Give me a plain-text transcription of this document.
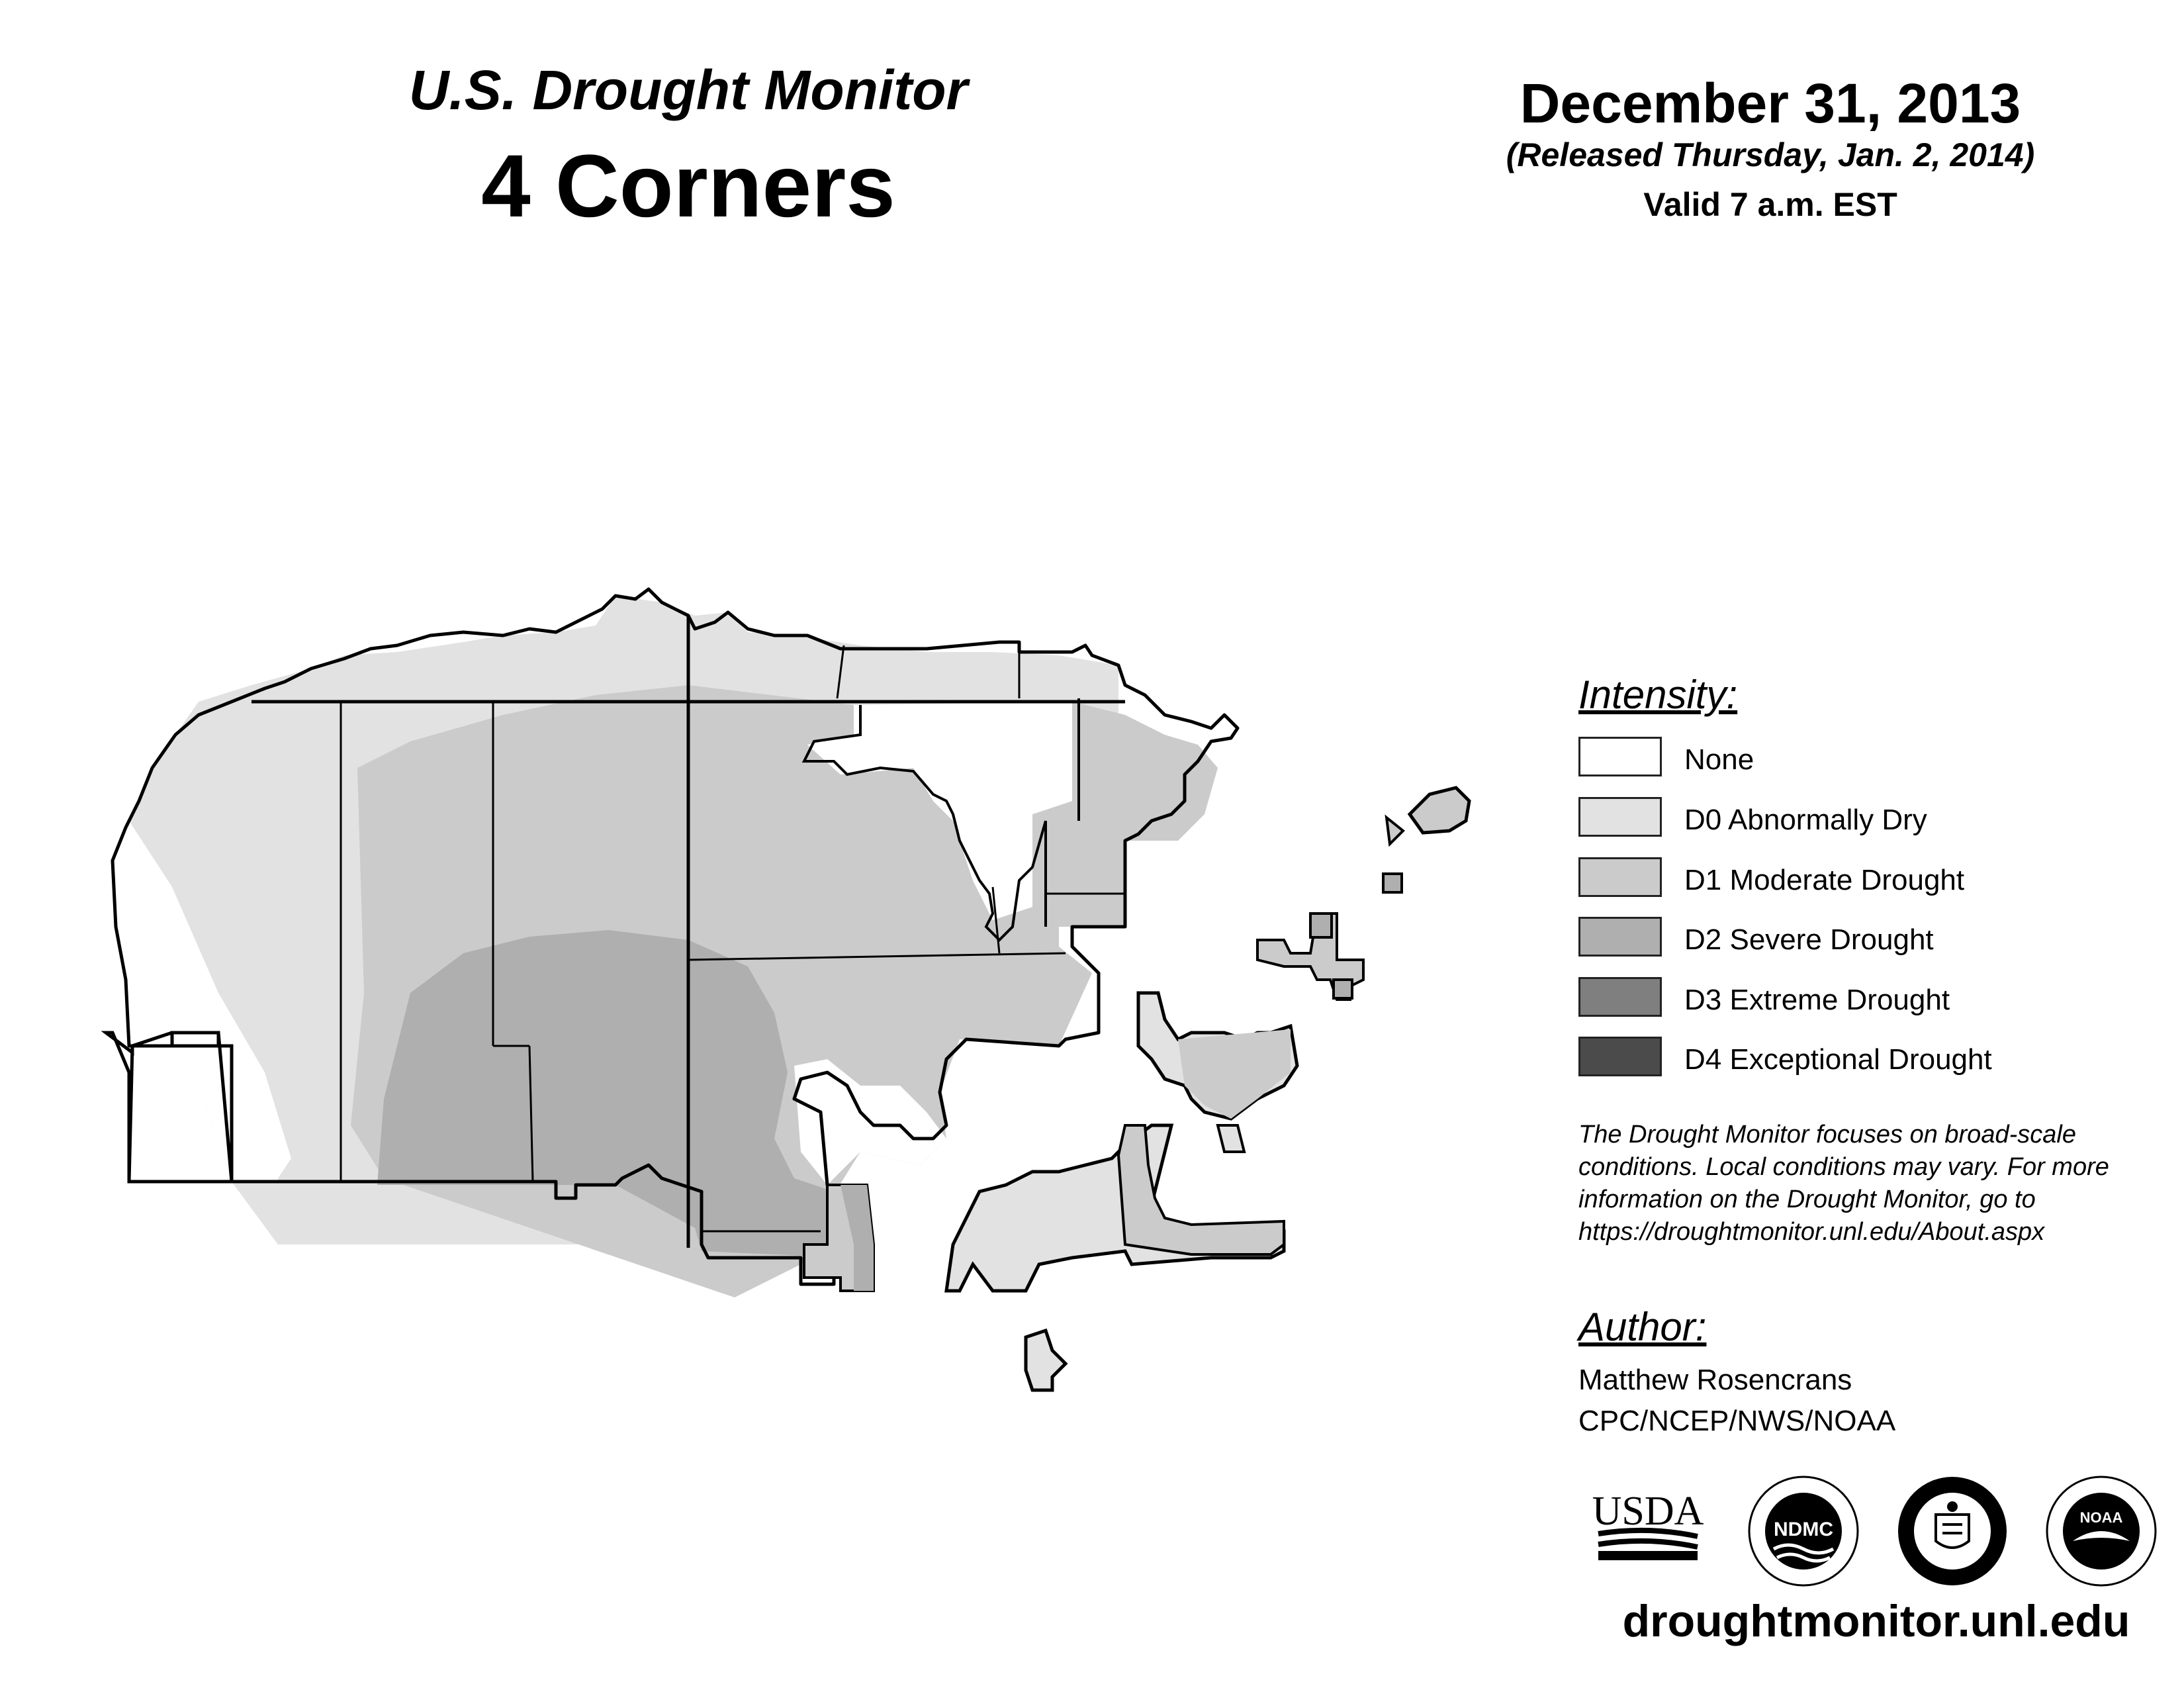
U.S. Drought Monitor
4 Corners
December 31, 2013
(Released Thursday, Jan. 2, 2014)
Valid 7 a.m. EST
Intensity:
None
D0 Abnormally Dry
D1 Moderate Drought
D2 Severe Drought
D3 Extreme Drought
D4 Exceptional Drought
The Drought Monitor focuses on broad-scale
conditions. Local conditions may vary. For more
information on the Drought Monitor, go to
https://droughtmonitor.unl.edu/About.aspx
Author:
Matthew Rosencrans
CPC/NCEP/NWS/NOAA
USDA	NDMC
NOAA
droughtmonitor.unl.edu
